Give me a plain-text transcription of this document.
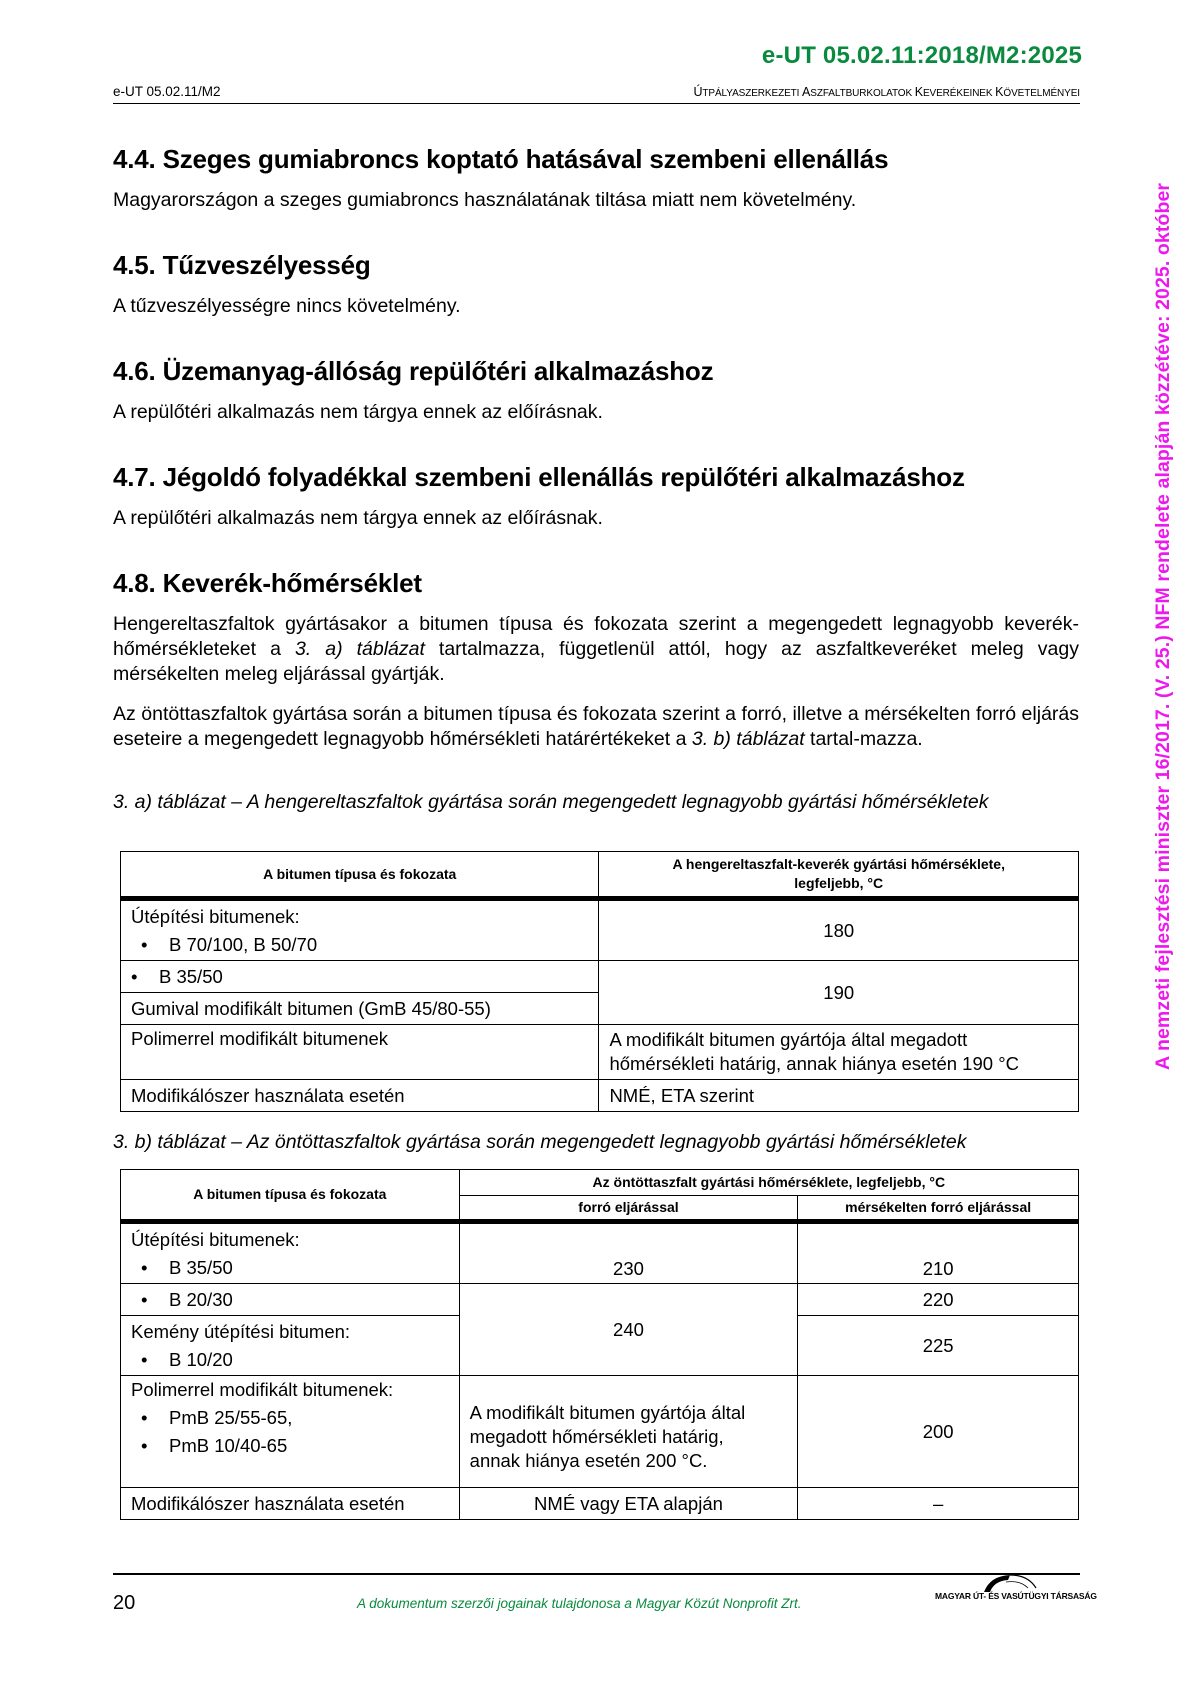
e-UT 05.02.11:2018/M2:2025
e-UT 05.02.11/M2	ÚTPÁLYASZERKEZETI ASZFALTBURKOLATOK KEVERÉKEINEK KÖVETELMÉNYEI
4.4. Szeges gumiabroncs koptató hatásával szembeni ellenállás
Magyarországon a szeges gumiabroncs használatának tiltása miatt nem követelmény.
4.5. Tűzveszélyesség
A tűzveszélyességre nincs követelmény.
4.6. Üzemanyag-állóság repülőtéri alkalmazáshoz
A repülőtéri alkalmazás nem tárgya ennek az előírásnak.
4.7. Jégoldó folyadékkal szembeni ellenállás repülőtéri alkalmazáshoz
A repülőtéri alkalmazás nem tárgya ennek az előírásnak.
4.8. Keverék-hőmérséklet
Hengereltaszfaltok gyártásakor a bitumen típusa és fokozata szerint a megengedett legnagyobb keverék-hőmérsékleteket a 3. a) táblázat tartalmazza, függetlenül attól, hogy az aszfaltkeveréket meleg vagy mérsékelten meleg eljárással gyártják.
Az öntöttaszfaltok gyártása során a bitumen típusa és fokozata szerint a forró, illetve a mérsékelten forró eljárás eseteire a megengedett legnagyobb hőmérsékleti határértékeket a 3. b) táblázat tartal-mazza.
3. a) táblázat – A hengereltaszfaltok gyártása során megengedett legnagyobb gyártási hőmérsékletek
A bitumen típusa és fokozata	A hengereltaszfalt-keverék gyártási hőmérséklete, legfeljebb, °C
Útépítési bitumenek:
• B 70/100, B 50/70	180

• B 35/50	190
Gumival modifikált bitumen (GmB 45/80-55)	
Polimerrel modifikált bitumenek	A modifikált bitumen gyártója által megadott hőmérsékleti határig, annak hiánya esetén 190 °C
Modifikálószer használata esetén	NMÉ, ETA szerint
3. b) táblázat – Az öntöttaszfaltok gyártása során megengedett legnagyobb gyártási hőmérsékletek
A bitumen típusa és fokozata	Az öntöttaszfalt gyártási hőmérséklete, legfeljebb, °C	
	forró eljárással	mérsékelten forró eljárással
Útépítési bitumenek:
• B 35/50	230	210

• B 20/30	240	220
Kemény útépítési bitumen:
• B 10/20		225
Polimerrel modifikált bitumenek:
• PmB 25/55-65,
• PmB 10/40-65	A modifikált bitumen gyártója által megadott hőmérsékleti határig, annak hiánya esetén 200 °C.	200
Modifikálószer használata esetén	NMÉ vagy ETA alapján	–
A nemzeti fejlesztési miniszter 16/2017. (V. 25.) NFM rendelete alapján közzétéve: 2025. október
20	A dokumentum szerzői jogainak tulajdonosa a Magyar Közút Nonprofit Zrt.	MAGYAR ÚT- ÉS VASÚTÜGYI TÁRSASÁG
